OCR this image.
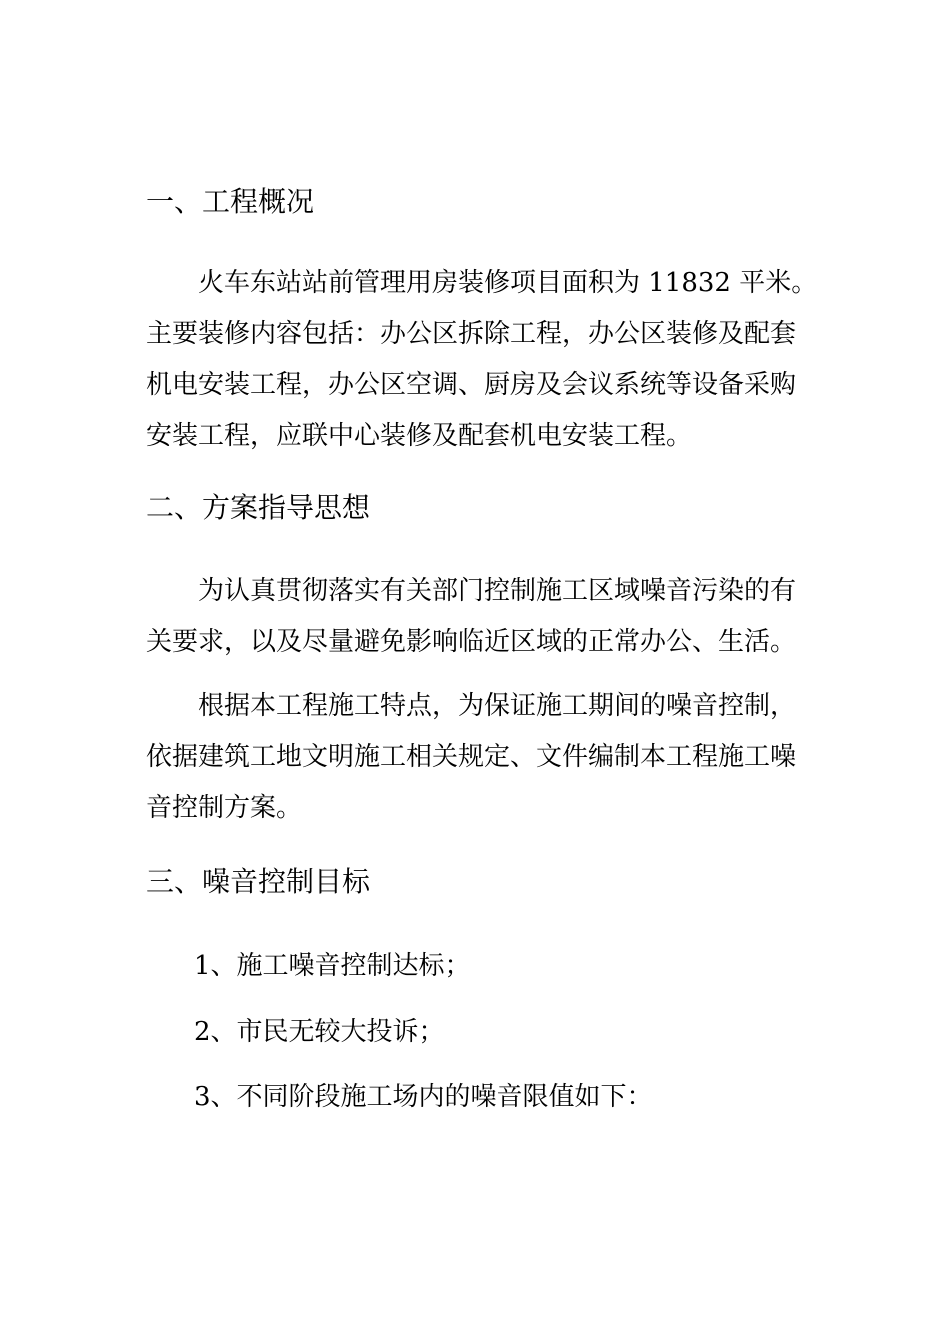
一、工程概况
火车东站站前管理用房装修项目面积为 11832 平米。
主要装修内容包括：办公区拆除工程，办公区装修及配套
机电安装工程，办公区空调、厨房及会议系统等设备采购
安装工程，应联中心装修及配套机电安装工程。
二、方案指导思想
为认真贯彻落实有关部门控制施工区域噪音污染的有
关要求，以及尽量避免影响临近区域的正常办公、生活。
根据本工程施工特点，为保证施工期间的噪音控制，
依据建筑工地文明施工相关规定、文件编制本工程施工噪
音控制方案。
三、噪音控制目标

1、施工噪音控制达标；

2、市民无较大投诉；

3、不同阶段施工场内的噪音限值如下：
